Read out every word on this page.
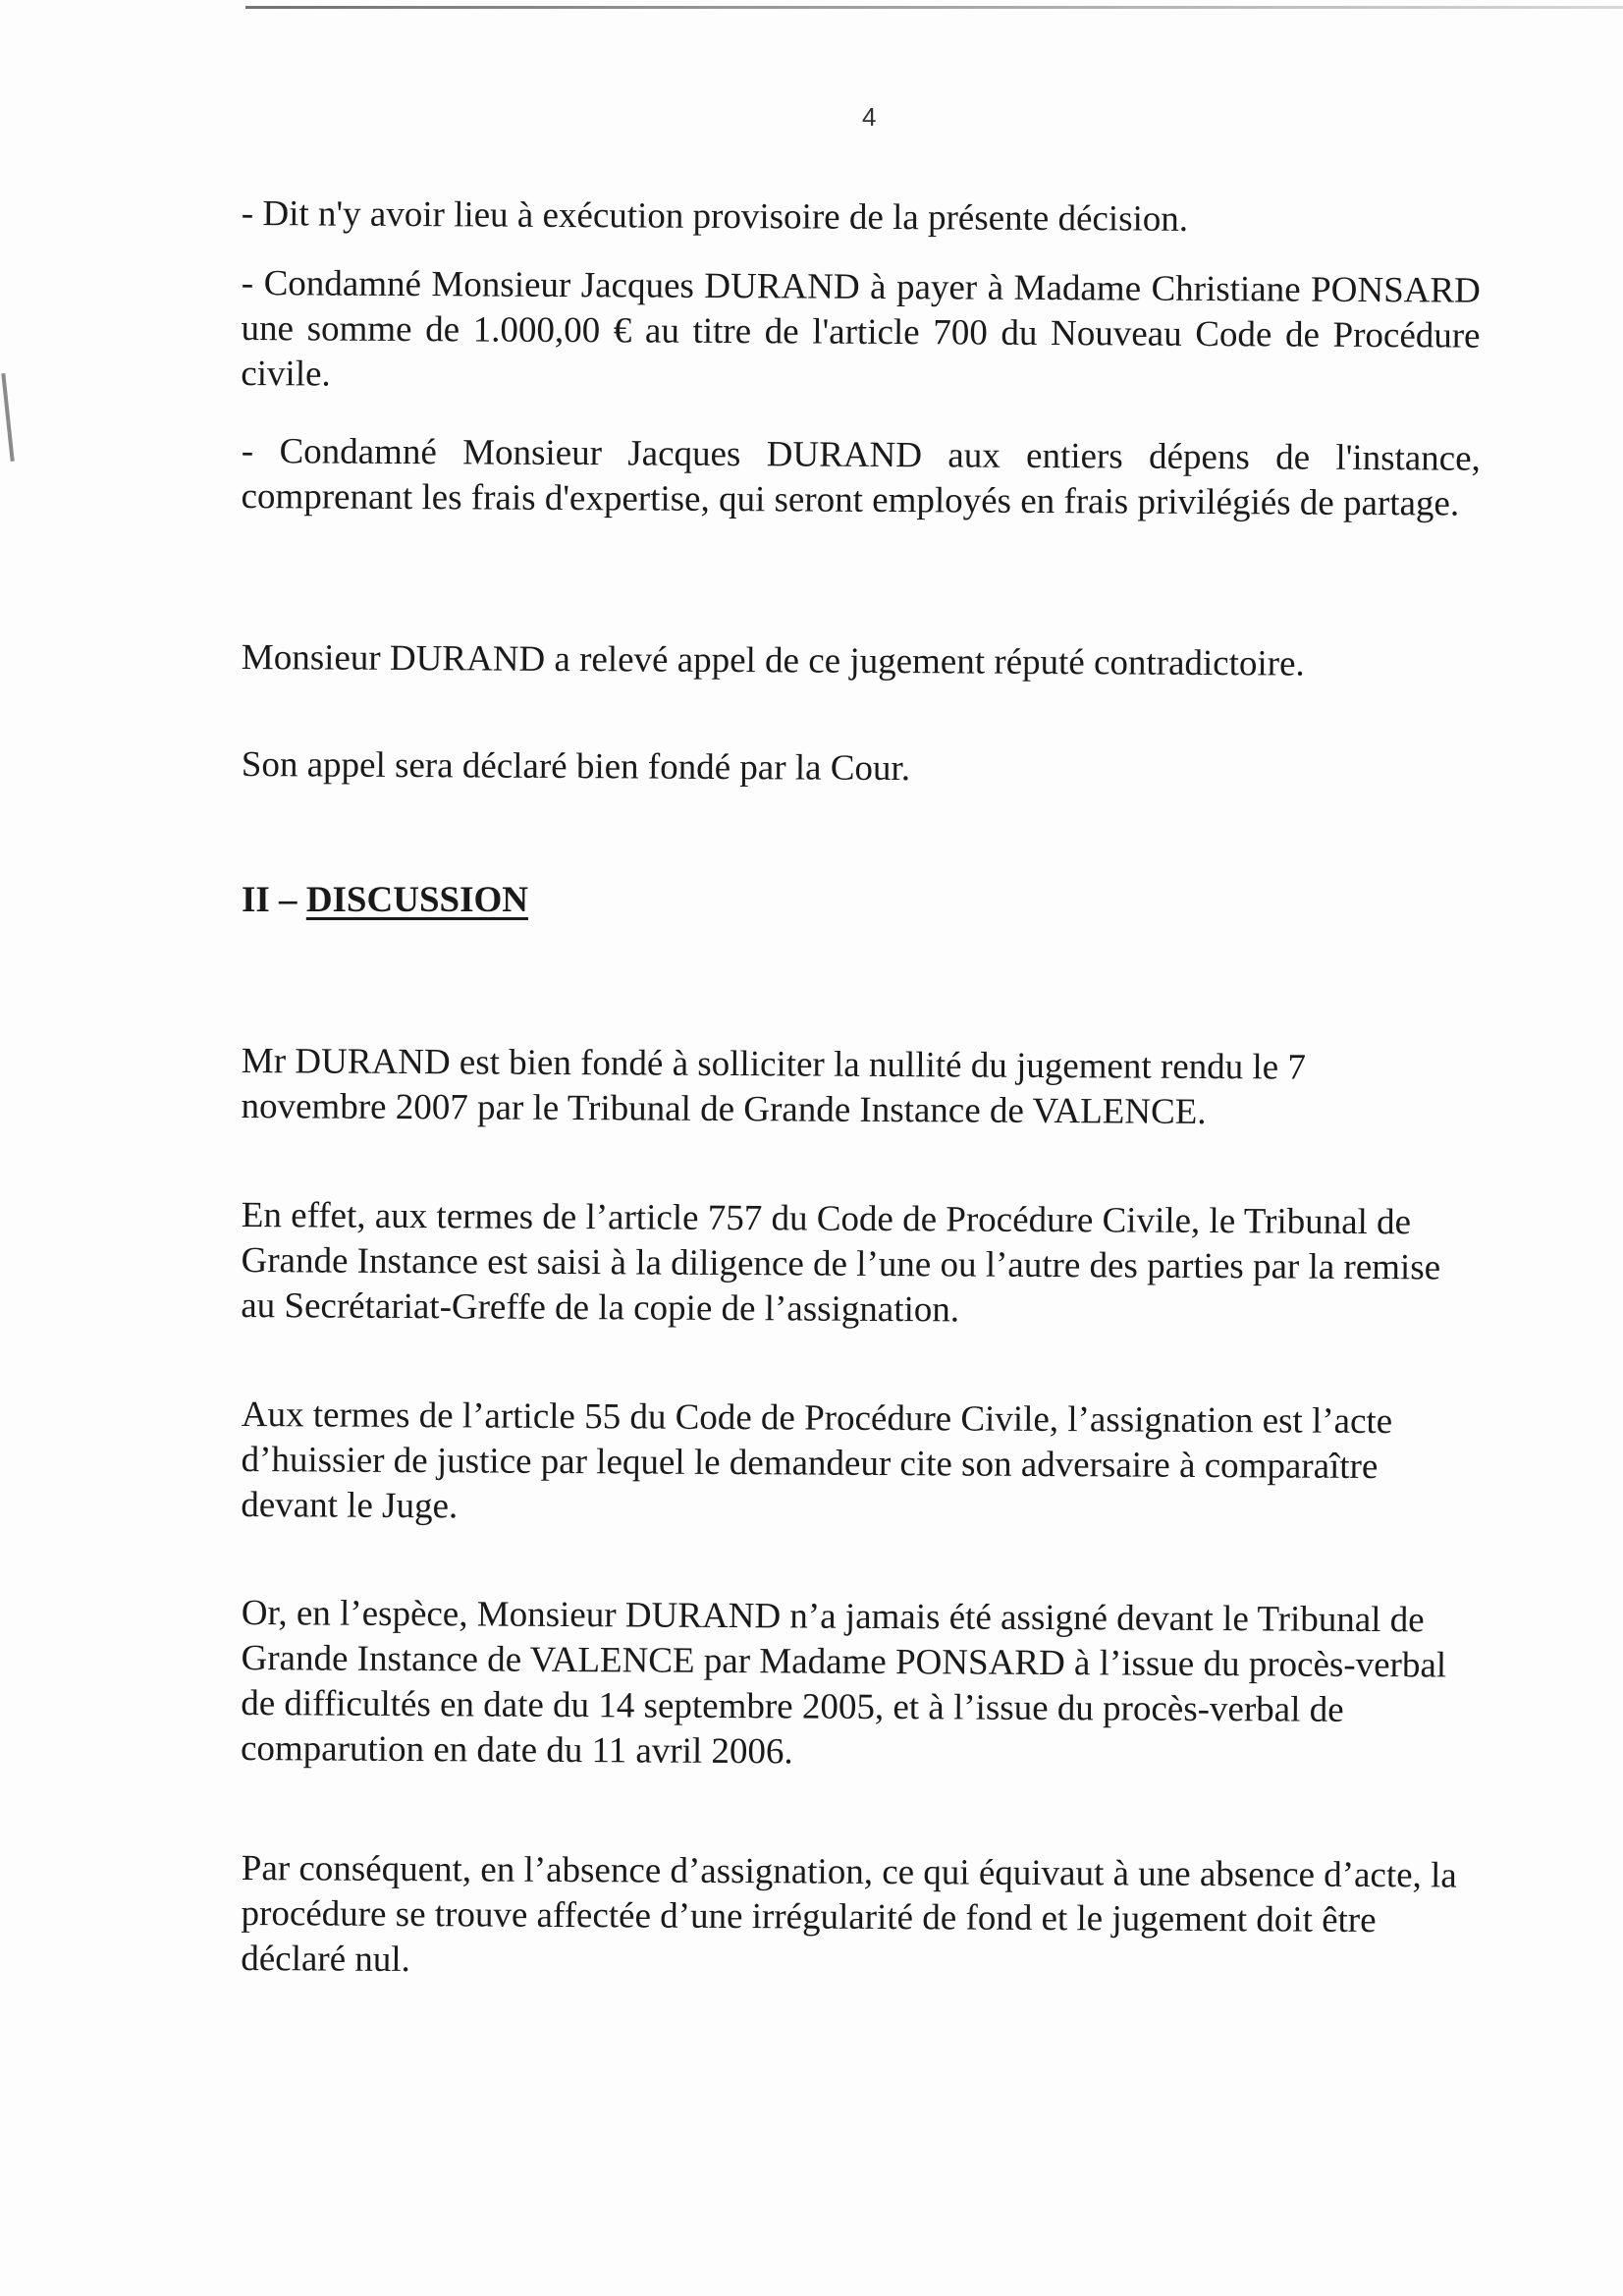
4
- Dit n'y avoir lieu à exécution provisoire de la présente décision.
- Condamné Monsieur Jacques DURAND à payer à Madame Christiane PONSARD une somme de 1.000,00 € au titre de l'article 700 du Nouveau Code de Procédure civile.
- Condamné Monsieur Jacques DURAND aux entiers dépens de l'instance, comprenant les frais d'expertise, qui seront employés en frais privilégiés de partage.
Monsieur DURAND a relevé appel de ce jugement réputé contradictoire.
Son appel sera déclaré bien fondé par la Cour.
II – DISCUSSION
Mr DURAND est bien fondé à solliciter la nullité du jugement rendu le 7 novembre 2007 par le Tribunal de Grande Instance de VALENCE.
En effet, aux termes de l’article 757 du Code de Procédure Civile, le Tribunal de Grande Instance est saisi à la diligence de l’une ou l’autre des parties par la remise au Secrétariat-Greffe de la copie de l’assignation.
Aux termes de l’article 55 du Code de Procédure Civile, l’assignation est l’acte d’huissier de justice par lequel le demandeur cite son adversaire à comparaître devant le Juge.
Or, en l’espèce, Monsieur DURAND n’a jamais été assigné devant le Tribunal de Grande Instance de VALENCE par Madame PONSARD à l’issue du procès-verbal de difficultés en date du 14 septembre 2005, et à l’issue du procès-verbal de comparution en date du 11 avril 2006.
Par conséquent, en l’absence d’assignation, ce qui équivaut à une absence d’acte, la procédure se trouve affectée d’une irrégularité de fond et le jugement doit être déclaré nul.
